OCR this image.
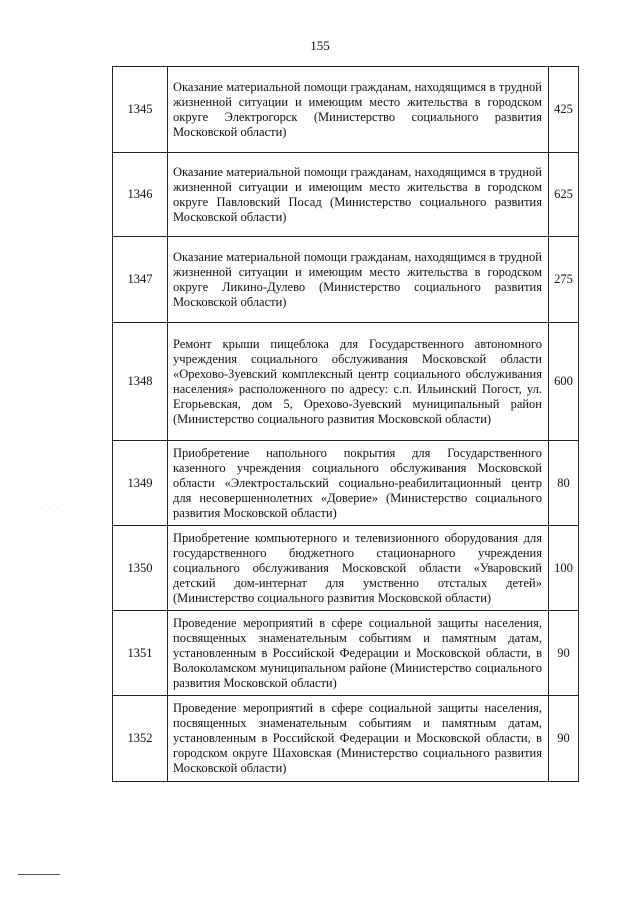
155
1345	Оказание материальной помощи гражданам, находящимся в трудной жизненной ситуации и имеющим место жительства в городском округе Электрогорск (Министерство социального развития Московской области)	425
1346	Оказание материальной помощи гражданам, находящимся в трудной жизненной ситуации и имеющим место жительства в городском округе Павловский Посад (Министерство социального развития Московской области)	625
1347	Оказание материальной помощи гражданам, находящимся в трудной жизненной ситуации и имеющим место жительства в городском округе Ликино-Дулево (Министерство социального развития Московской области)	275
1348	Ремонт крыши пищеблока для Государственного автономного учреждения социального обслуживания Московской области «Орехово-Зуевский комплексный центр социального обслуживания населения» расположенного по адресу: с.п. Ильинский Погост, ул. Егорьевская, дом 5, Орехово-Зуевский муниципальный район (Министерство социального развития Московской области)	600
1349	Приобретение напольного покрытия для Государственного казенного учреждения социального обслуживания Московской области «Электростальский социально-реабилитационный центр для несовершеннолетних «Доверие» (Министерство социального развития Московской области)	80
1350	Приобретение компьютерного и телевизионного оборудования для государственного бюджетного стационарного учреждения социального обслуживания Московской области «Уваровский детский дом-интернат для умственно отсталых детей» (Министерство социального развития Московской области)	100
1351	Проведение мероприятий в сфере социальной защиты населения, посвященных знаменательным событиям и памятным датам, установленным в Российской Федерации и Московской области, в Волоколамском муниципальном районе (Министерство социального развития Московской области)	90
1352	Проведение мероприятий в сфере социальной защиты населения, посвященных знаменательным событиям и памятным датам, установленным в Российской Федерации и Московской области, в городском округе Шаховская (Министерство социального развития Московской области)	90
· · ·
